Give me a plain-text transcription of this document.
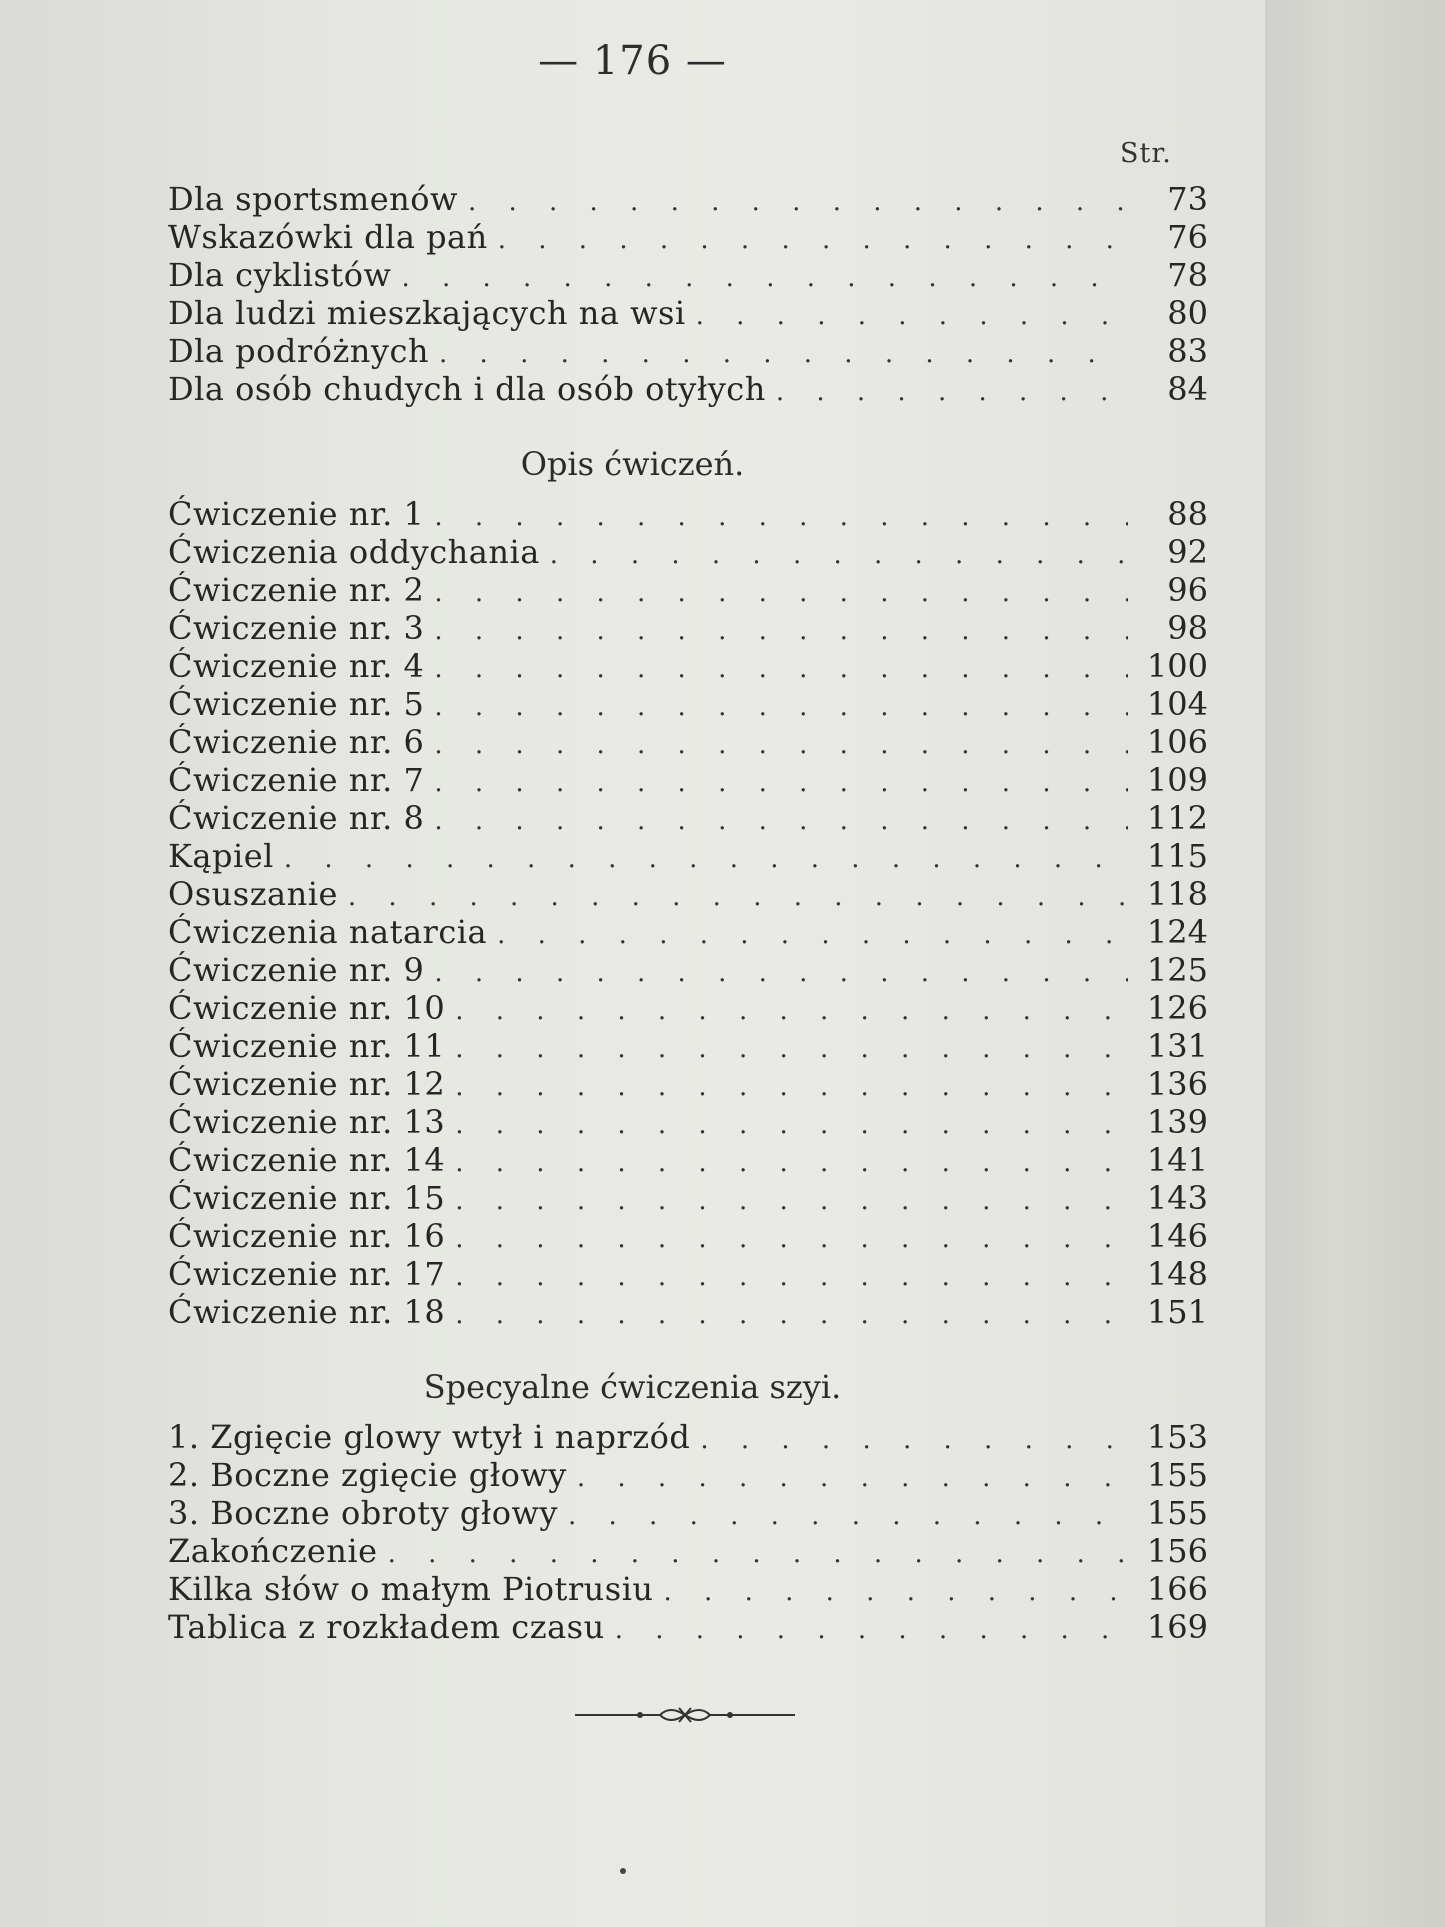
— 176 —
Str.
Dla sportsmenów . . .	73
Wskazówki dla pań . . .	76
Dla cyklistów . . .	78
Dla ludzi mieszkających na wsi . . .	80
Dla podróżnych . . .	83
Dla osób chudych i dla osób otyłych . . .	84
Opis ćwiczeń.
Ćwiczenie nr. 1 . . .	88
Ćwiczenia oddychania . . .	92
Ćwiczenie nr. 2 . . .	96
Ćwiczenie nr. 3 . . .	98
Ćwiczenie nr. 4 . . .	100
Ćwiczenie nr. 5 . . .	104
Ćwiczenie nr. 6 . . .	106
Ćwiczenie nr. 7 . . .	109
Ćwiczenie nr. 8 . . .	112
Kąpiel . . .	115
Osuszanie . . .	118
Ćwiczenia natarcia . . .	124
Ćwiczenie nr. 9 . . .	125
Ćwiczenie nr. 10 . . .	126
Ćwiczenie nr. 11 . . .	131
Ćwiczenie nr. 12 . . .	136
Ćwiczenie nr. 13 . . .	139
Ćwiczenie nr. 14 . . .	141
Ćwiczenie nr. 15 . . .	143
Ćwiczenie nr. 16 . . .	146
Ćwiczenie nr. 17 . . .	148
Ćwiczenie nr. 18 . . .	151
Specyalne ćwiczenia szyi.
1. Zgięcie glowy wtył i naprzód . . .	153
2. Boczne zgięcie głowy . . .	155
3. Boczne obroty głowy . . .	155
Zakończenie . . .	156
Kilka słów o małym Piotrusiu . . .	166
Tablica z rozkładem czasu . . .	169
